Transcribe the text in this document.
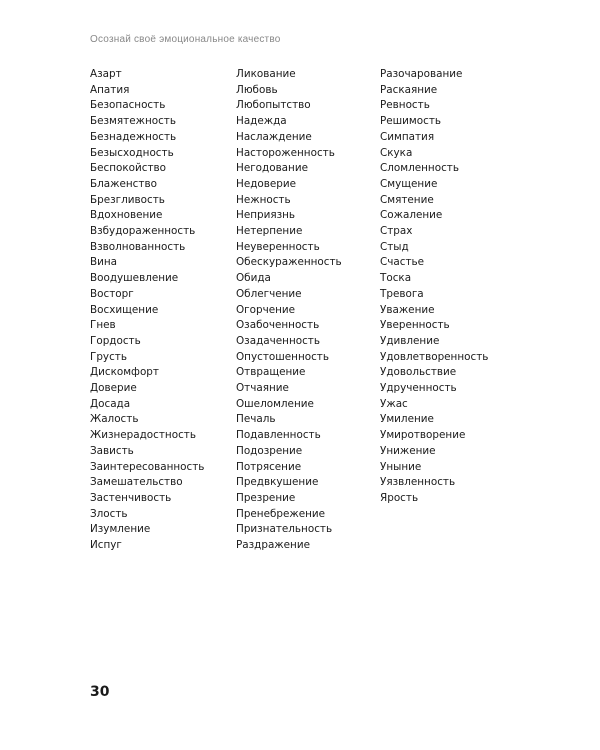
Осознай своё эмоциональное качество
Азарт
Апатия
Безопасность
Безмятежность
Безнадежность
Безысходность
Беспокойство
Блаженство
Брезгливость
Вдохновение
Взбудораженность
Взволнованность
Вина
Воодушевление
Восторг
Восхищение
Гнев
Гордость
Грусть
Дискомфорт
Доверие
Досада
Жалость
Жизнерадостность
Зависть
Заинтересованность
Замешательство
Застенчивость
Злость
Изумление
Испуг
Ликование
Любовь
Любопытство
Надежда
Наслаждение
Настороженность
Негодование
Недоверие
Нежность
Неприязнь
Нетерпение
Неуверенность
Обескураженность
Обида
Облегчение
Огорчение
Озабоченность
Озадаченность
Опустошенность
Отвращение
Отчаяние
Ошеломление
Печаль
Подавленность
Подозрение
Потрясение
Предвкушение
Презрение
Пренебрежение
Признательность
Раздражение
Разочарование
Раскаяние
Ревность
Решимость
Симпатия
Скука
Сломленность
Смущение
Смятение
Сожаление
Страх
Стыд
Счастье
Тоска
Тревога
Уважение
Уверенность
Удивление
Удовлетворенность
Удовольствие
Удрученность
Ужас
Умиление
Умиротворение
Унижение
Уныние
Уязвленность
Ярость
30
